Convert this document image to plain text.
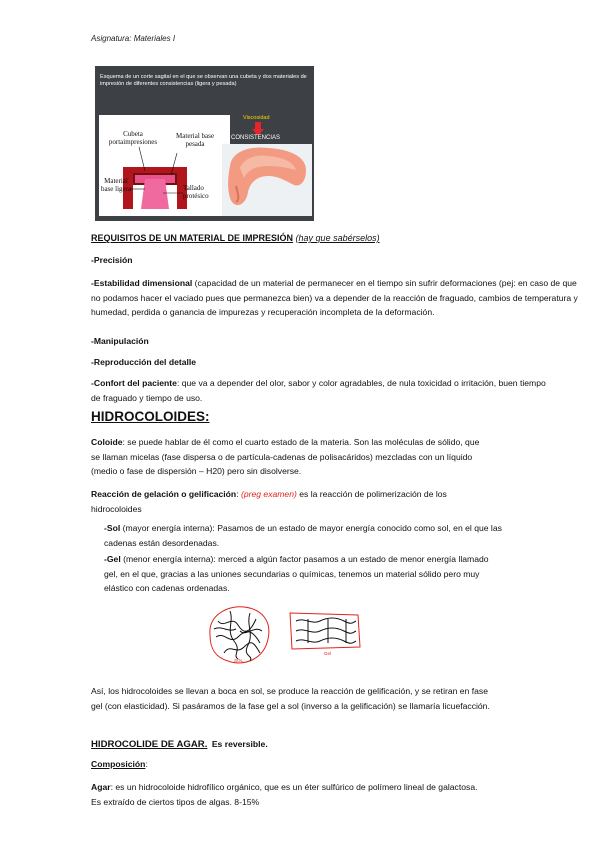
Asignatura: Materiales I
Esquema de un corte sagital en el que se observan una cubeta y dos materiales de impresión de diferentes consistencias (ligera y pesada)
Cubeta portaimpresiones
Material base pesada
Material base ligera	Tallado protésico
Viscosidad
CONSISTENCIAS
REQUISITOS DE UN MATERIAL DE IMPRESIÓN (hay que sabérselos)
-Precisión
-Estabilidad dimensional (capacidad de un material de permanecer en el tiempo sin sufrir deformaciones (pej: en caso de que no podamos hacer el vaciado pues que permanezca bien) va a depender de la reacción de fraguado, cambios de temperatura y humedad, perdida o ganancia de impurezas y recuperación incompleta de la deformación.
-Manipulación
-Reproducción del detalle
-Confort del paciente: que va a depender del olor, sabor y color agradables, de nula toxicidad o irritación, buen tiempo de fraguado y tiempo de uso.
HIDROCOLOIDES:
Coloide: se puede hablar de él como el cuarto estado de la materia. Son las moléculas de sólido, que se llaman micelas (fase dispersa o de partícula-cadenas de polisacáridos) mezcladas con un líquido (medio o fase de dispersión – H20) pero sin disolverse.
Reacción de gelación o gelificación: (preg examen) es la reacción de polimerización de los hidrocoloides
-Sol (mayor energía interna): Pasamos de un estado de mayor energía conocido como sol, en el que las cadenas están desordenadas.
-Gel (menor energía interna): merced a algún factor pasamos a un estado de menor energía llamado gel, en el que, gracias a las uniones secundarias o químicas, tenemos un material sólido pero muy elástico con cadenas ordenadas.
SOL
Gel
Así, los hidrocoloides se llevan a boca en sol, se produce la reacción de gelificación, y se retiran en fase gel (con elasticidad). Si pasáramos de la fase gel a sol (inverso a la gelificación) se llamaría licuefacción.
HIDROCOLIDE DE AGAR. Es reversible.
Composición:
Agar: es un hidrocoloide hidrofílico orgánico, que es un éter sulfúrico de polímero lineal de galactosa. Es extraído de ciertos tipos de algas. 8-15%
